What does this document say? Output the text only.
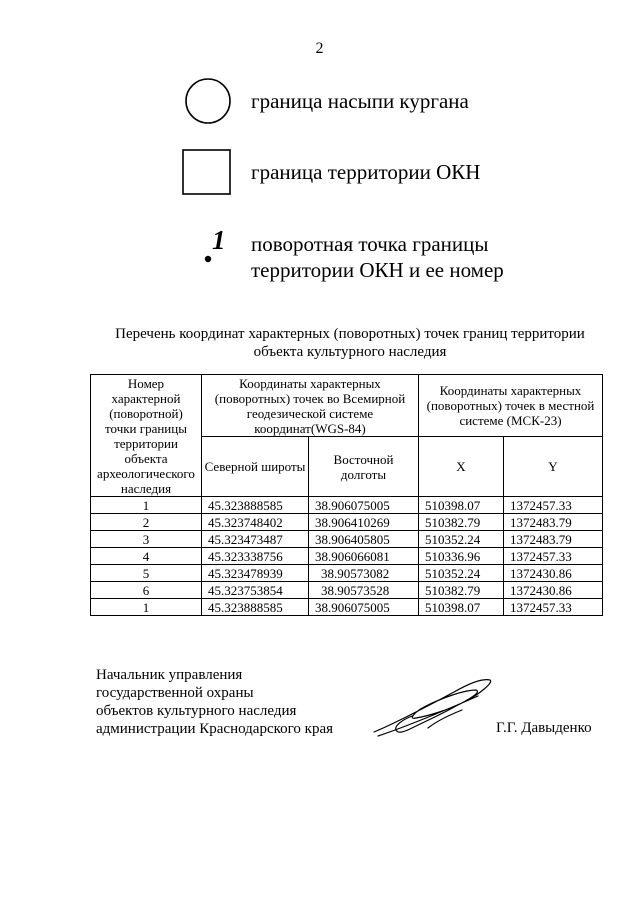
2
граница насыпи кургана
граница территории ОКН
1 поворотная точка границы
территории ОКН и ее номер
Перечень координат характерных (поворотных) точек границ территории
объекта культурного наследия
Номер характерной (поворотной) точки границы территории объекта археологического наследия	Координаты характерных (поворотных) точек во Всемирной геодезической системе координат(WGS-84)		Координаты характерных (поворотных) точек в местной системе (МСК-23)	
	Северной широты	Восточной долготы	X	Y
1	45.323888585	38.906075005	510398.07	1372457.33
2	45.323748402	38.906410269	510382.79	1372483.79
3	45.323473487	38.906405805	510352.24	1372483.79
4	45.323338756	38.906066081	510336.96	1372457.33
5	45.323478939	38.90573082	510352.24	1372430.86
6	45.323753854	38.90573528	510382.79	1372430.86
1	45.323888585	38.906075005	510398.07	1372457.33
Начальник управления
государственной охраны
объектов культурного наследия
администрации Краснодарского края	Г.Г. Давыденко
